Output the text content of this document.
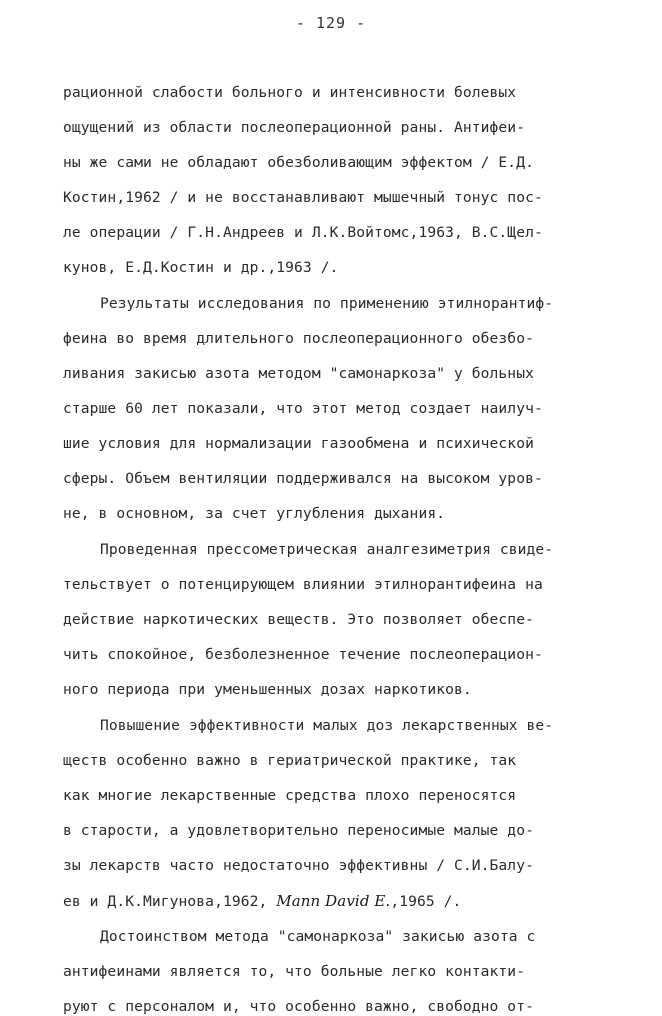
- 129 -
рационной слабости больного и интенсивности болевых
ощущений из области послеоперационной раны. Антифеи-
ны же сами не обладают обезболивающим эффектом / Е.Д.
Костин,1962 / и не восстанавливают мышечный тонус пос-
ле операции / Г.Н.Андреев и Л.К.Войтомс,1963, В.С.Щел-
кунов, Е.Д.Костин и др.,1963 /.
Результаты исследования по применению этилнорантиф-
феина во время длительного послеоперационного обезбо-
ливания закисью азота методом "самонаркоза" у больных
старше 60 лет показали, что этот метод создает наилуч-
шие условия для нормализации газообмена и психической
сферы. Объем вентиляции поддерживался на высоком уров-
не, в основном, за счет углубления дыхания.
Проведенная прессометрическая аналгезиметрия свиде-
тельствует о потенцирующем влиянии этилнорантифеина на
действие наркотических веществ. Это позволяет обеспе-
чить спокойное, безболезненное течение послеоперацион-
ного периода при уменьшенных дозах наркотиков.
Повышение эффективности малых доз лекарственных ве-
ществ особенно важно в гериатрической практике, так
как многие лекарственные средства плохо переносятся
в старости, а удовлетворительно переносимые малые до-
зы лекарств часто недостаточно эффективны / С.И.Балу-
ев и Д.К.Мигунова,1962, Mann David E.,1965 /.
Достоинством метода "самонаркоза" закисью азота с
антифеинами является то, что больные легко контакти-
руют с персоналом и, что особенно важно, свободно от-
